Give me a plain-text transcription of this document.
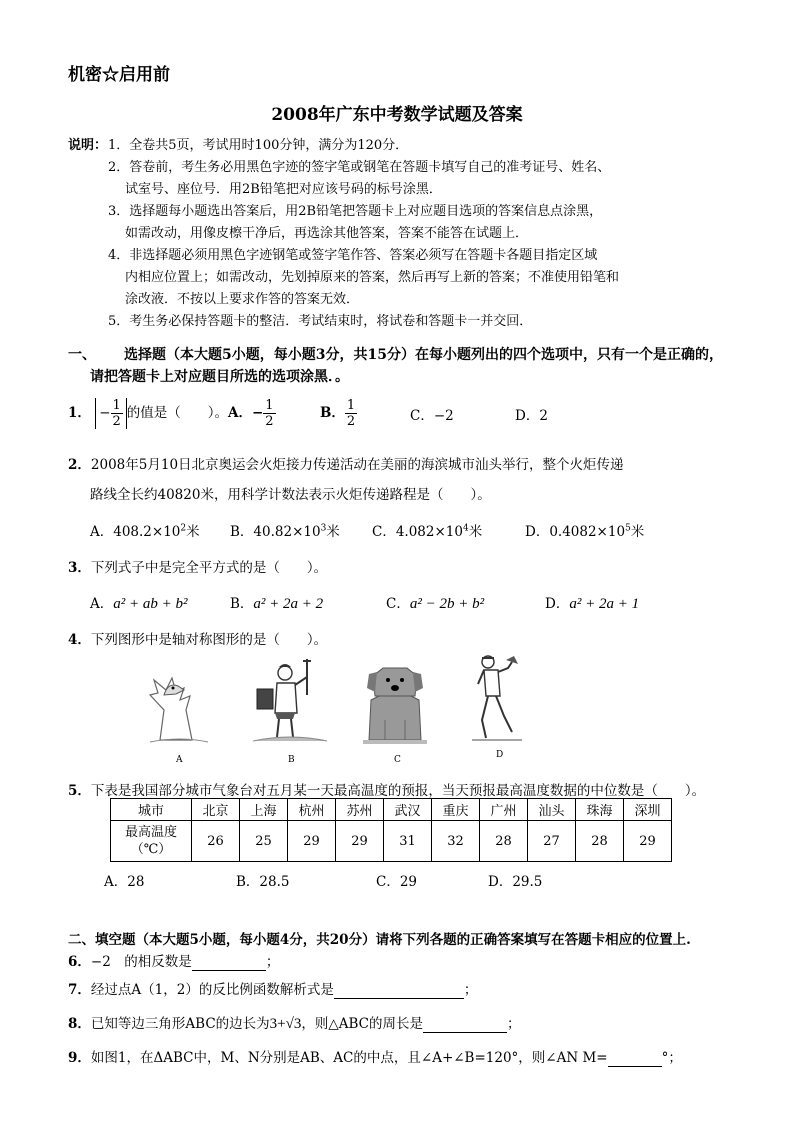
机密☆启用前
2008年广东中考数学试题及答案
说明： 1．全卷共5页，考试用时100分钟，满分为120分．
2．答卷前，考生务必用黑色字迹的签字笔或钢笔在答题卡填写自己的准考证号、姓名、
试室号、座位号．用2B铅笔把对应该号码的标号涂黑．
3．选择题每小题选出答案后，用2B铅笔把答题卡上对应题目选项的答案信息点涂黑，
如需改动，用像皮檫干净后，再选涂其他答案，答案不能答在试题上．
4．非选择题必须用黑色字迹钢笔或签字笔作答、答案必须写在答题卡各题目指定区域
内相应位置上；如需改动，先划掉原来的答案，然后再写上新的答案；不准使用铅笔和
涂改液．不按以上要求作答的答案无效．
5．考生务必保持答题卡的整洁．考试结束时，将试卷和答题卡一并交回．
一、 选择题（本大题5小题，每小题3分，共15分）在每小题列出的四个选项中，只有一个是正确的，
请把答题卡上对应题目所选的选项涂黑．。
1． − $\frac{1}{2}$ 的值是（　　）。 A．− $\frac{1}{2}$	B． $\frac{1}{2}$	C．−2	D．2
2．2008年5月10日北京奥运会火炬接力传递活动在美丽的海滨城市汕头举行，整个火炬传递
路线全长约40820米，用科学计数法表示火炬传递路程是（　　）。
A．$408.2\times 10^2$米 B．$40.82\times 10^3$米 C．$4.082\times 10^4$米	D．$0.4082\times 10^5$米
3．下列式子中是完全平方式的是（　　）。
A．a² + ab + b²	B．a² + 2a + 2	C．a² − 2b + b²	D．a² + 2a + 1
4．下列图形中是轴对称图形的是（　　）。
A	B	C	D
5．下表是我国部分城市气象台对五月某一天最高温度的预报，当天预报最高温度数据的中位数是（　　）。
城市	北京	上海	杭州	苏州	武汉	重庆	广州	汕头	珠海	深圳
最高温度
（℃）	26	25	29	29	31	32	28	27	28	29
A．28	B．28.5	C．29	D．29.5
二、填空题（本大题5小题，每小题4分，共20分）请将下列各题的正确答案填写在答题卡相应的位置上.
6．−2　的相反数是	；
7．经过点A（1，2）的反比例函数解析式是	；
8．已知等边三角形ABC的边长为3+√3，则△ABC的周长是	；
9．如图1，在ΔABC中，M、N分别是AB、AC的中点，且∠A+∠B=120°，则∠AN M=	°；
